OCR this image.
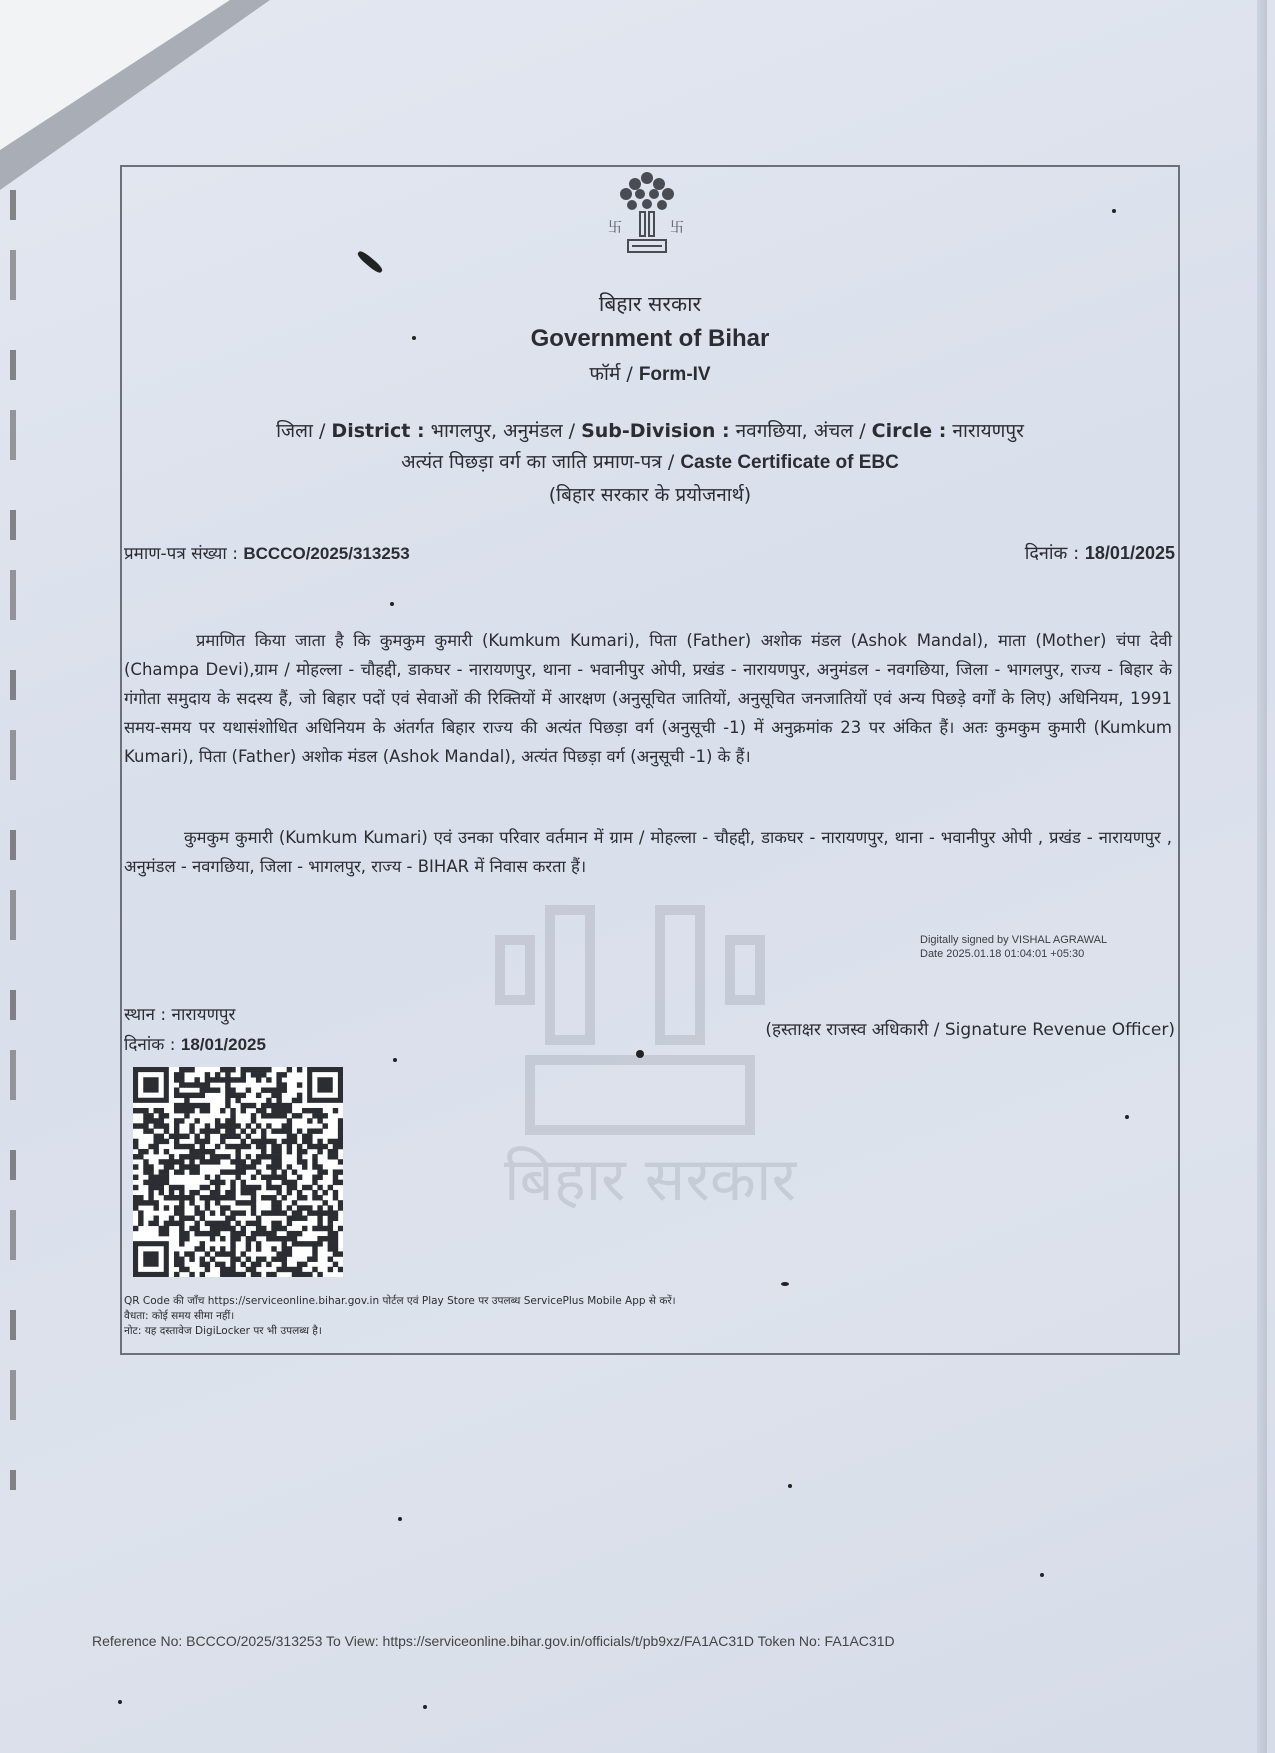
卐	卐
बिहार सरकार
बिहार सरकार
Government of Bihar
फॉर्म / Form-IV
जिला / District : भागलपुर, अनुमंडल / Sub-Division : नवगछिया, अंचल / Circle : नारायणपुर
अत्यंत पिछड़ा वर्ग का जाति प्रमाण-पत्र / Caste Certificate of EBC
(बिहार सरकार के प्रयोजनार्थ)
प्रमाण-पत्र संख्या : BCCCO/2025/313253	दिनांक : 18/01/2025
प्रमाणित किया जाता है कि कुमकुम कुमारी (Kumkum Kumari), पिता (Father) अशोक मंडल (Ashok Mandal), माता (Mother) चंपा देवी (Champa Devi),ग्राम / मोहल्ला - चौहद्दी, डाकघर - नारायणपुर, थाना - भवानीपुर ओपी, प्रखंड - नारायणपुर, अनुमंडल - नवगछिया, जिला - भागलपुर, राज्य - बिहार के गंगोता समुदाय के सदस्य हैं, जो बिहार पदों एवं सेवाओं की रिक्तियों में आरक्षण (अनुसूचित जातियों, अनुसूचित जनजातियों एवं अन्य पिछड़े वर्गों के लिए) अधिनियम, 1991 समय-समय पर यथासंशोधित अधिनियम के अंतर्गत बिहार राज्य की अत्यंत पिछड़ा वर्ग (अनुसूची -1) में अनुक्रमांक 23 पर अंकित हैं। अतः कुमकुम कुमारी (Kumkum Kumari), पिता (Father) अशोक मंडल (Ashok Mandal), अत्यंत पिछड़ा वर्ग (अनुसूची -1) के हैं।
कुमकुम कुमारी (Kumkum Kumari) एवं उनका परिवार वर्तमान में ग्राम / मोहल्ला - चौहद्दी, डाकघर - नारायणपुर, थाना - भवानीपुर ओपी , प्रखंड - नारायणपुर , अनुमंडल - नवगछिया, जिला - भागलपुर, राज्य - BIHAR में निवास करता हैं।
Digitally signed by VISHAL AGRAWAL
Date 2025.01.18 01:04:01 +05:30
स्थान : नारायणपुर
दिनांक : 18/01/2025
(हस्ताक्षर राजस्व अधिकारी / Signature Revenue Officer)
QR Code की जाँच https://serviceonline.bihar.gov.in पोर्टल एवं Play Store पर उपलब्ध ServicePlus Mobile App से करें।
वैधता: कोई समय सीमा नहीं।
नोट: यह दस्तावेज DigiLocker पर भी उपलब्ध है।
Reference No: BCCCO/2025/313253 To View: https://serviceonline.bihar.gov.in/officials/t/pb9xz/FA1AC31D Token No: FA1AC31D
